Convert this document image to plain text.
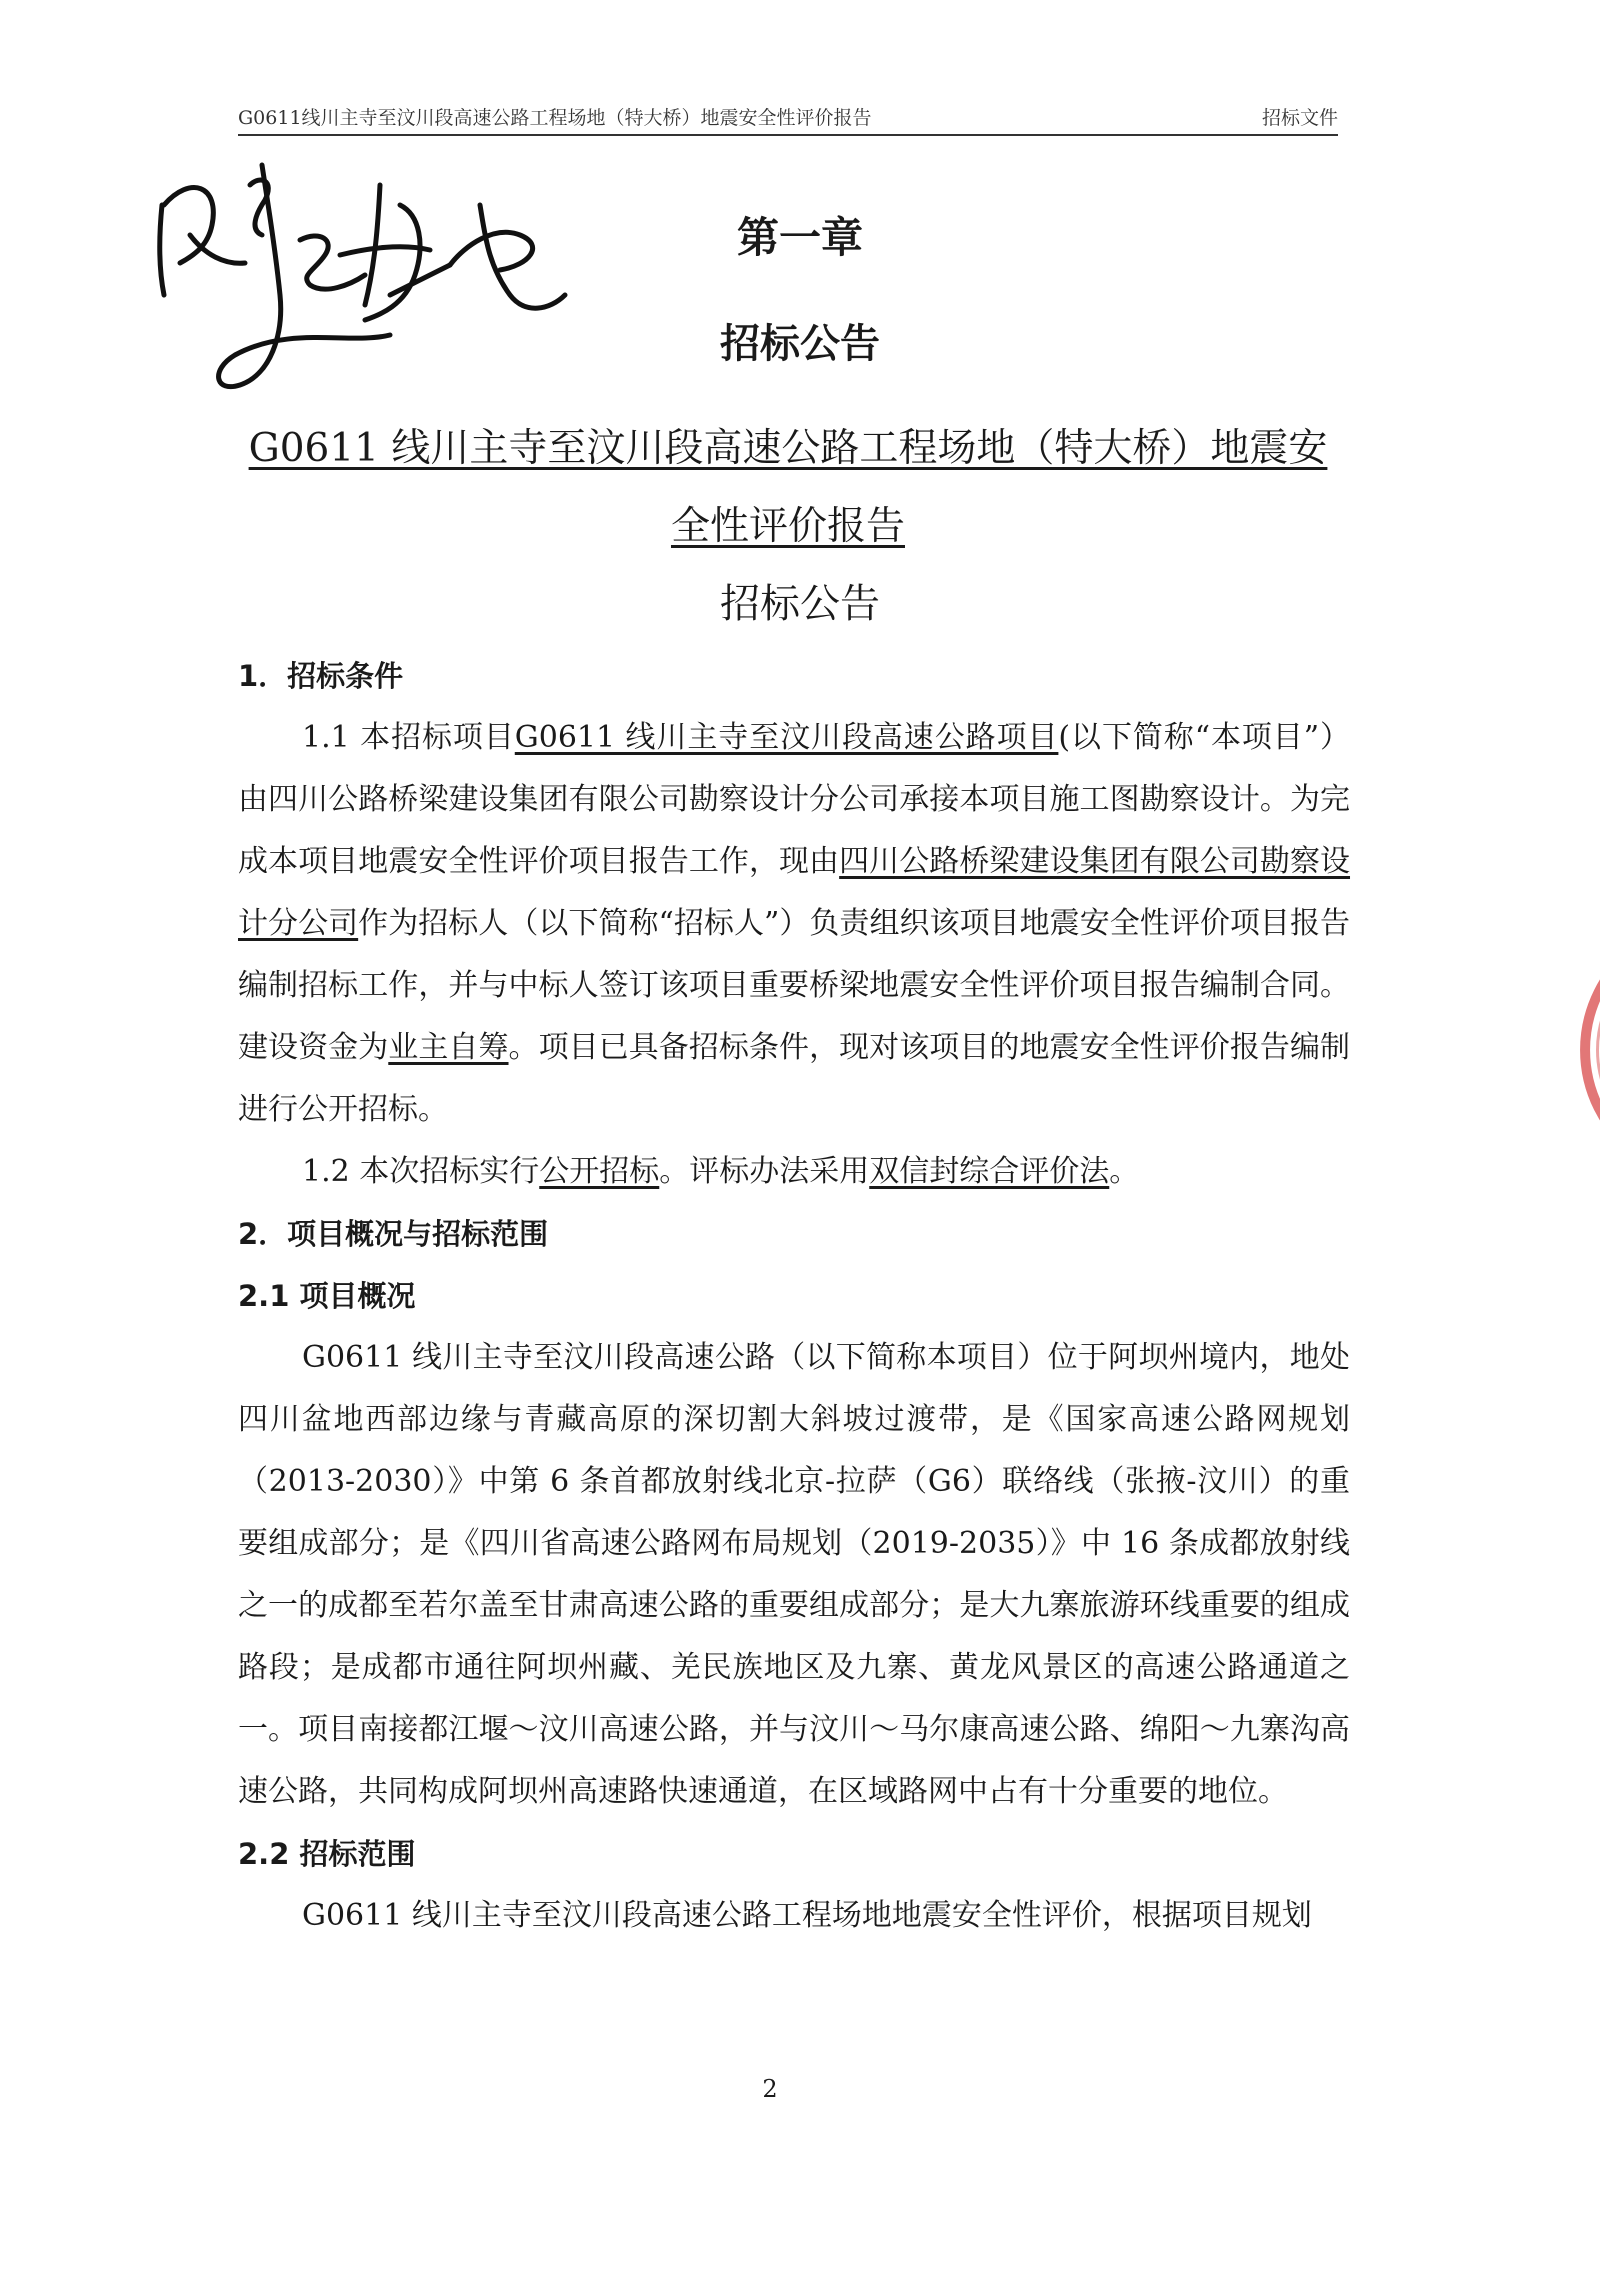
G0611线川主寺至汶川段高速公路工程场地（特大桥）地震安全性评价报告	招标文件
第一章
招标公告
G0611 线川主寺至汶川段高速公路工程场地（特大桥）地震安全性评价报告
招标公告

1．招标条件

1.1 本招标项目G0611 线川主寺至汶川段高速公路项目(以下简称“本项目”）由四川公路桥梁建设集团有限公司勘察设计分公司承接本项目施工图勘察设计。为完成本项目地震安全性评价项目报告工作，现由四川公路桥梁建设集团有限公司勘察设计分公司作为招标人（以下简称“招标人”）负责组织该项目地震安全性评价项目报告编制招标工作，并与中标人签订该项目重要桥梁地震安全性评价项目报告编制合同。建设资金为业主自筹。项目已具备招标条件，现对该项目的地震安全性评价报告编制进行公开招标。

1.2 本次招标实行公开招标。评标办法采用双信封综合评价法。

2．项目概况与招标范围

2.1 项目概况

G0611 线川主寺至汶川段高速公路（以下简称本项目）位于阿坝州境内，地处四川盆地西部边缘与青藏高原的深切割大斜坡过渡带，是《国家高速公路网规划（2013-2030）》中第 6 条首都放射线北京-拉萨（G6）联络线（张掖-汶川）的重要组成部分；是《四川省高速公路网布局规划（2019-2035）》中 16 条成都放射线之一的成都至若尔盖至甘肃高速公路的重要组成部分；是大九寨旅游环线重要的组成路段；是成都市通往阿坝州藏、羌民族地区及九寨、黄龙风景区的高速公路通道之一。项目南接都江堰～汶川高速公路，并与汶川～马尔康高速公路、绵阳～九寨沟高速公路，共同构成阿坝州高速路快速通道，在区域路网中占有十分重要的地位。

2.2 招标范围

G0611 线川主寺至汶川段高速公路工程场地地震安全性评价，根据项目规划

2
